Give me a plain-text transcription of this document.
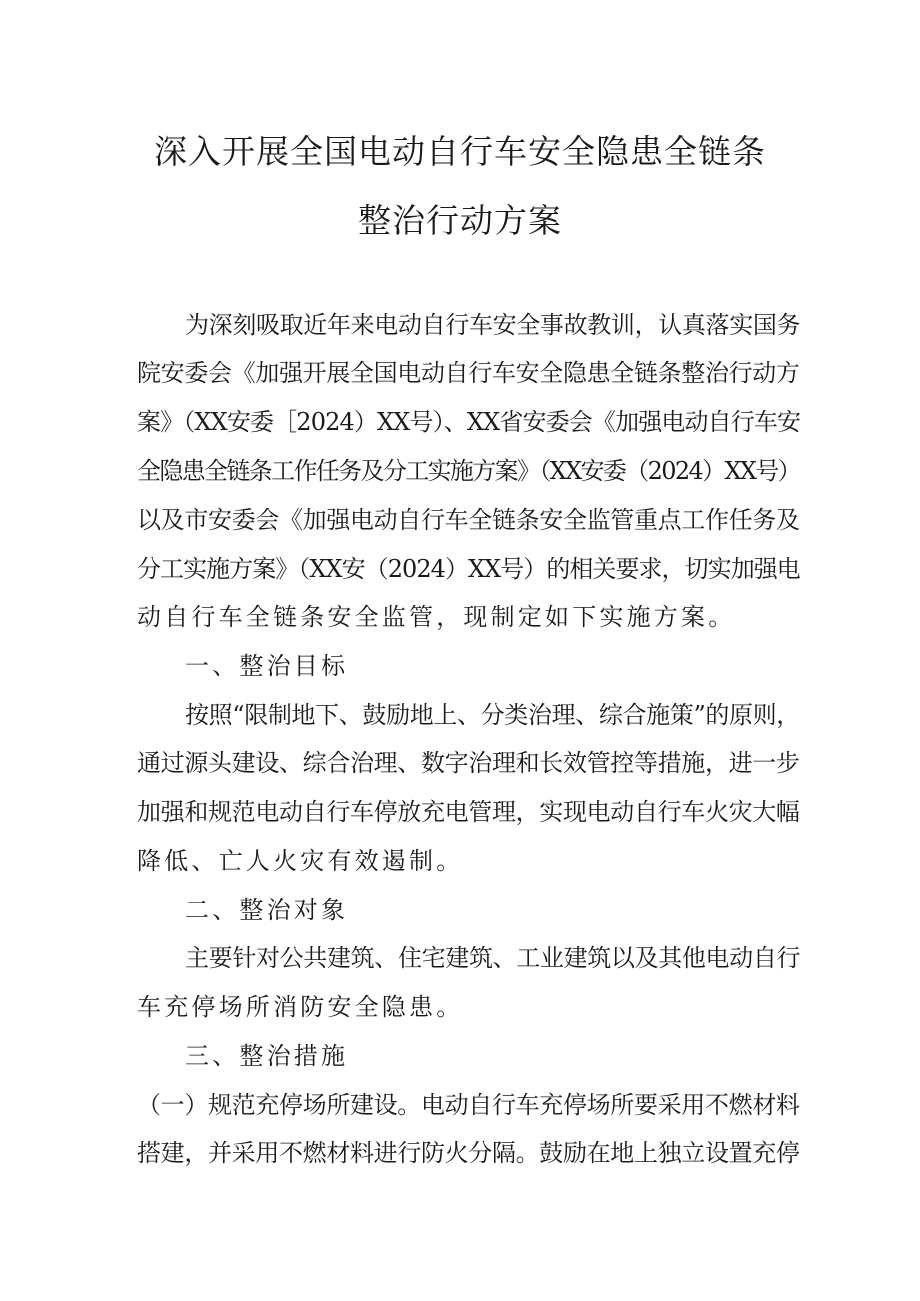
深入开展全国电动自行车安全隐患全链条
整治行动方案
为深刻吸取近年来电动自行车安全事故教训，认真落实国务
院安委会《加强开展全国电动自行车安全隐患全链条整治行动方
案》（XX安委［2024）XX号）、XX省安委会《加强电动自行车安
全隐患全链条工作任务及分工实施方案》（XX安委（2024）XX号）
以及市安委会《加强电动自行车全链条安全监管重点工作任务及
分工实施方案》（XX安（2024）XX号）的相关要求，切实加强电
动自行车全链条安全监管，现制定如下实施方案。
一、整治目标
按照“限制地下、鼓励地上、分类治理、综合施策”的原则，
通过源头建设、综合治理、数字治理和长效管控等措施，进一步
加强和规范电动自行车停放充电管理，实现电动自行车火灾大幅
降低、亡人火灾有效遏制。
二、整治对象
主要针对公共建筑、住宅建筑、工业建筑以及其他电动自行
车充停场所消防安全隐患。
三、整治措施
（一）规范充停场所建设。电动自行车充停场所要采用不燃材料
搭建，并采用不燃材料进行防火分隔。鼓励在地上独立设置充停
